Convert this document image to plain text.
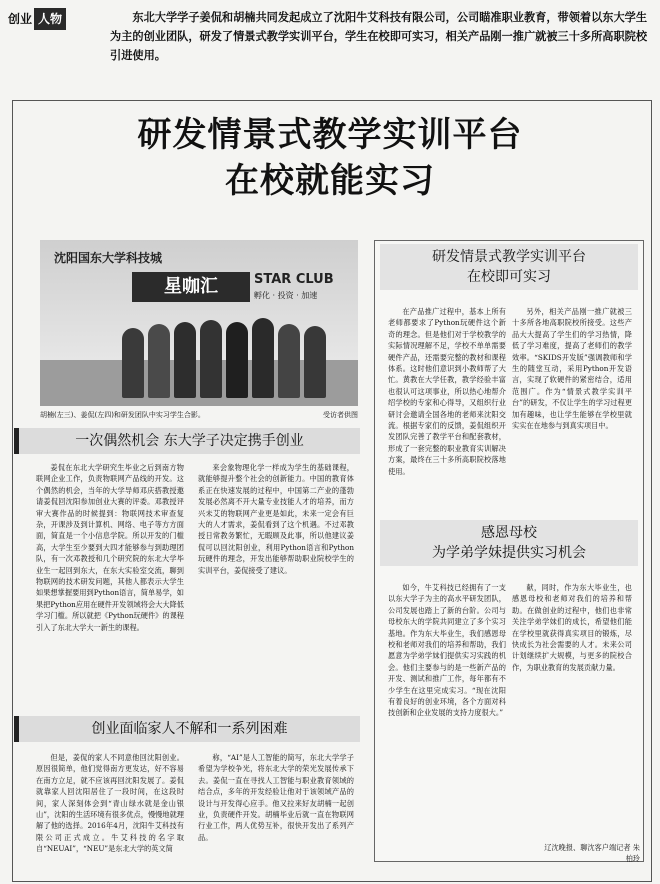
创业 人物	东北大学学子姜侃和胡楠共同发起成立了沈阳牛艾科技有限公司，公司瞄准职业教育，带领着以东大学生为主的创业团队，研发了情景式教学实训平台，学生在校即可实习，相关产品刚一推广就被三十多所高职院校引进使用。
研发情景式教学实训平台
在校就能实习
沈阳国东大学科技城
星咖汇	STAR CLUB
孵化 · 投资 · 加速
胡楠(左三)、姜侃(左四)和研发团队中实习学生合影。	受访者供图
一次偶然机会 东大学子决定携手创业

姜侃在东北大学研究生毕业之后到南方物联网企业工作，负责物联网产品线的开发。这个偶然的机会，当年的大学导师邓庆搭教授邀请姜侃回沈阳参加创业大赛的评委。邓教授评审大赛作品的时候提到：物联网技术审查复杂，开课涉及到计算机、网络、电子等方方面面，简直是一个小信息学院。所以开发的门槛高，大学生至少要到大四才能够参与到助理团队，有一次邓教授和几个研究院的东北大学毕业生一起回到东大，在东大实验室交流，聊到物联网的技术研发问题，其他人都表示大学生如果想掌握要用到Python语言，简单易学，如果把Python应用在硬件开发领域将会大大降低学习门槛。所以就把《Python玩硬件》的课程引入了东北大学大一新生的课程。

来会象物理化学一样成为学生的基础课程，就能够提升整个社会的创新能力。中国的教育体系正在快速发展的过程中，中国第二产业的蓬勃发展必然离不开大量专业技能人才的培养，而方兴未艾的物联网产业更是如此，未来一定会有巨大的人才需求，姜侃看到了这个机遇。不过邓教授日常教务繁忙，无暇顾及此事，所以他建议姜侃可以回沈阳创业，利用Python语言和Python玩硬件的理念，开发出能够帮助职业院校学生的实训平台，姜侃接受了建议。

创业面临家人不解和一系列困难

但是，姜侃的家人不同意他回沈阳创业。原因很简单，他们觉得南方更发达，好不容易在南方立足，就不应该再回沈阳发展了。姜侃就靠家人回沈阳居住了一段时间，在这段时间，家人深刻体会到“青山绿水就是金山银山”，沈阳的生活环境有很多优点，慢慢地就理解了他的选择。2016年4月，沈阳牛艾科技有限公司正式成立。牛艾科技的名字取自“NEUAI”，“NEU”是东北大学的英文简

称，“AI”是人工智能的简写，东北大学学子希望为学校争光，将东北大学的荣光发展传承下去。姜侃一直在寻找人工智能与职业教育领域的结合点，多年的开发经验让他对于该领域产品的设计与开发得心应手。他又拉来好友胡楠一起创业，负责硬件开发。胡楠毕业后就一直在物联网行业工作，两人优势互补，很快开发出了系列产品。

研发情景式教学实训平台
在校即可实习

在产品推广过程中，基本上所有老师都要求了Python玩硬件这个新奇的理念。但是他们对于学校教学的实际情况理解不足，学校不单单需要硬件产品，还需要完整的教材和课程体系。这时他们意识到小教师帮了大忙。黄教在大学任教，教学经验丰富也很认可这项事业，所以热心地帮介绍学校的专家和心得导，又组织行业研讨会邀请全国各地的老师来沈阳交流。根据专家们的反馈，姜侃组织开发团队完善了教学平台和配套教材，形成了一套完整的职业教育实训解决方案，最终在三十多所高职院校落地使用。

另外，相关产品刚一推广就被三十多所各地高职院校所接受。这些产品大大提高了学生们的学习热情，降低了学习难度，提高了老师们的教学效率。“SKIDS开发版”强调教师和学生的随堂互动，采用Python开发语言，实现了软硬件的紧密结合，适用范围广。作为“情景式教学实训平台”的研发，不仅让学生的学习过程更加有趣味，也让学生能够在学校里就实实在在地参与到真实项目中。

感恩母校
为学弟学妹提供实习机会

如今，牛艾科技已经拥有了一支以东大学子为主的高水平研发团队，公司发展也踏上了新的台阶。公司与母校东大的学院共同建立了多个实习基地。作为东大毕业生，我们感恩母校和老师对我们的培养和帮助，我们愿意为学弟学妹们提供实习实践的机会。他们主要参与的是一些新产品的开发、测试和推广工作，每年都有不少学生在这里完成实习。“现在沈阳有着良好的创业环境，各个方面对科技创新和企业发展的支持力度很大。”

献，同时，作为东大毕业生，也感恩母校和老师对我们的培养和帮助。在做创业的过程中，他们也非常关注学弟学妹们的成长，希望他们能在学校里就获得真实项目的锻炼，尽快成长为社会需要的人才。未来公司计划继续扩大规模，与更多的院校合作，为职业教育的发展贡献力量。

辽沈晚报、聊沈客户端记者 朱
柏玲
